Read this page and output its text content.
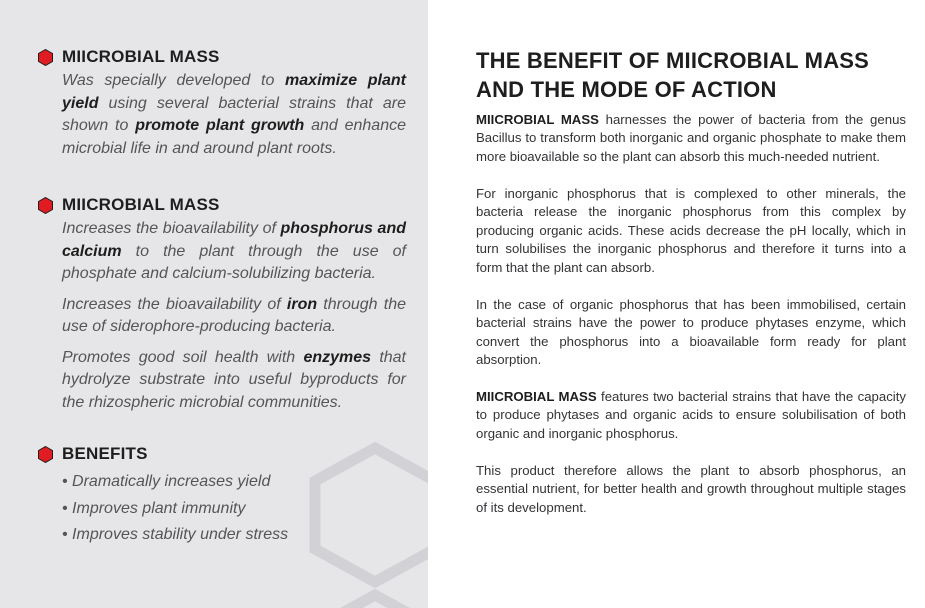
MIICROBIAL MASS

Was specially developed to maximize plant yield using several bacterial strains that are shown to promote plant growth and enhance microbial life in and around plant roots.

MIICROBIAL MASS

Increases the bioavailability of phosphorus and calcium to the plant through the use of phosphate and calcium-solubilizing bacteria.

Increases the bioavailability of iron through the use of siderophore-producing bacteria.

Promotes good soil health with enzymes that hydrolyze substrate into useful byproducts for the rhizospheric microbial communities.

BENEFITS
• Dramatically increases yield
• Improves plant immunity
• Improves stability under stress
THE BENEFIT OF MIICROBIAL MASS
AND THE MODE OF ACTION

MIICROBIAL MASS harnesses the power of bacteria from the genus Bacillus to transform both inorganic and organic phosphate to make them more bioavailable so the plant can absorb this much-needed nutrient.

For inorganic phosphorus that is complexed to other minerals, the bacteria release the inorganic phosphorus from this complex by producing organic acids. These acids decrease the pH locally, which in turn solubilises the inorganic phosphorus and therefore it turns into a form that the plant can absorb.

In the case of organic phosphorus that has been immobilised, certain bacterial strains have the power to produce phytases enzyme, which convert the phosphorus into a bioavailable form ready for plant absorption.

MIICROBIAL MASS features two bacterial strains that have the capacity to produce phytases and organic acids to ensure solubilisation of both organic and inorganic phosphorus.

This product therefore allows the plant to absorb phosphorus, an essential nutrient, for better health and growth throughout multiple stages of its development.
